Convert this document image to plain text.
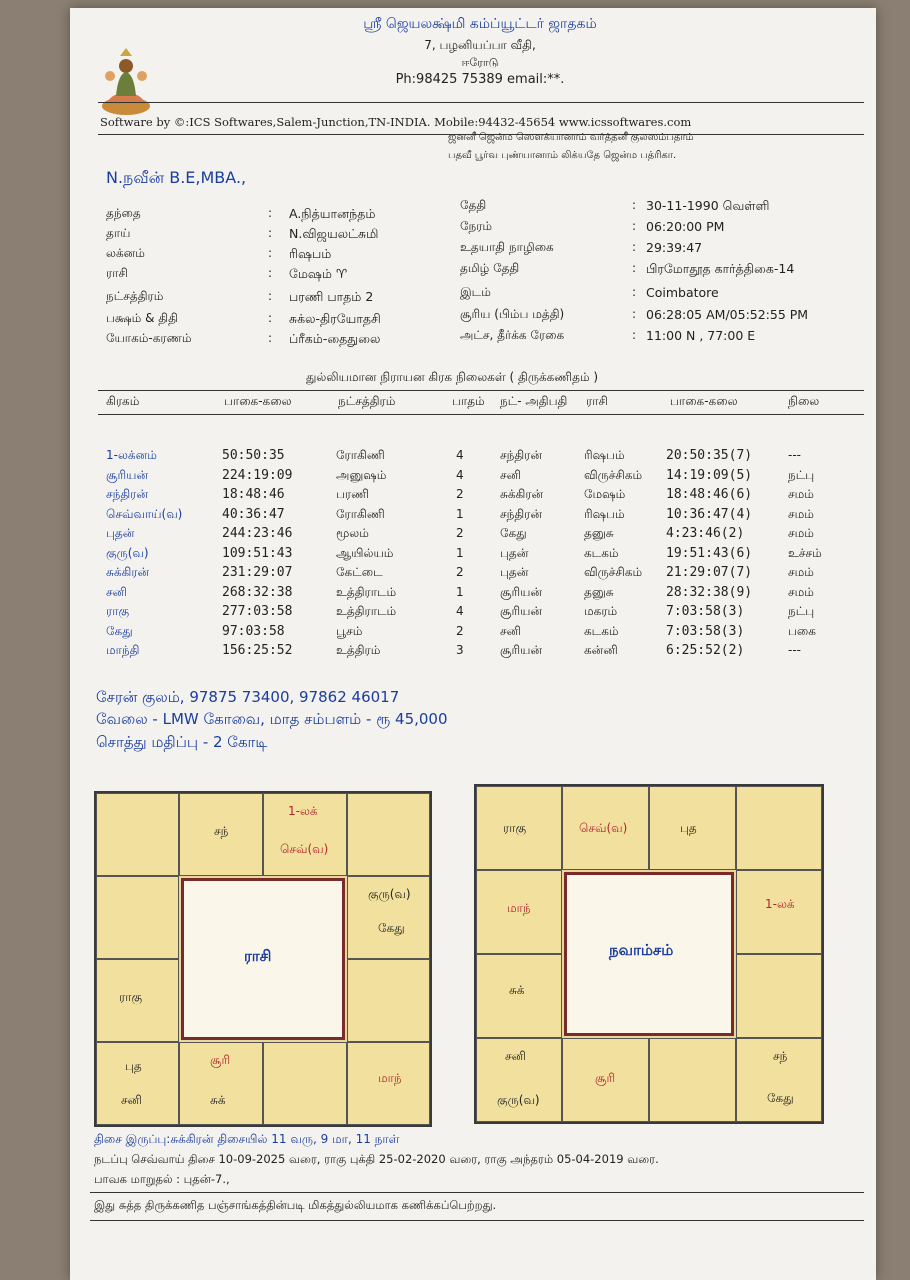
ஸ்ரீ ஜெயலக்ஷ்மி கம்ப்யூட்டர் ஜாதகம்
7, பழனியப்பா வீதி,
ஈரோடு
Ph:98425 75389 email:**.
Software by ©:ICS Softwares,Salem-Junction,TN-INDIA. Mobile:94432-45654 www.icssoftwares.com
ஜனனீ ஜென்ம ஸௌக்யானாம் வர்த்தனீ குலஸம்பதாம்
பதவீ பூர்வ புண்யானாம் லிக்யதே ஜென்ம பத்ரிகா.
N.நவீன் B.E,MBA.,
தந்தை	: A.நித்யானந்தம்
தாய்	: N.விஜயலட்சுமி
லக்னம்	: ரிஷபம்
ராசி	: மேஷம் ♈
நட்சத்திரம்	: பரணி பாதம் 2
பக்ஷம் & திதி	: சுக்ல-திரயோதசி
யோகம்-கரணம்	: ப்ரீகம்-தைதுலை
தேதி	: 30-11-1990 வெள்ளி
நேரம்	: 06:20:00 PM
உதயாதி நாழிகை	: 29:39:47
தமிழ் தேதி	: பிரமோதூத கார்த்திகை-14
இடம்	: Coimbatore
சூரிய (பிம்ப மத்தி)	: 06:28:05 AM/05:52:55 PM
அட்ச, தீர்க்க ரேகை	: 11:00 N , 77:00 E
துல்லியமான நிராயன கிரக நிலைகள் ( திருக்கணிதம் )
கிரகம்	பாகை-கலை	நட்சத்திரம்	பாதம் நட்- அதிபதி ராசி	பாகை-கலை	நிலை
1-லக்னம்	50:50:35	ரோகிணி	4	சந்திரன்	ரிஷபம்	20:50:35(7)	---
சூரியன்	224:19:09	அனுஷம்	4	சனி	விருச்சிகம் 14:19:09(5)	நட்பு
சந்திரன்	18:48:46	பரணி	2	சுக்கிரன்	மேஷம்	18:48:46(6)	சமம்
செவ்வாய்(வ)	40:36:47	ரோகிணி	1	சந்திரன்	ரிஷபம்	10:36:47(4)	சமம்
புதன்	244:23:46	மூலம்	2	கேது	தனுசு	4:23:46(2)	சமம்
குரு(வ)	109:51:43	ஆயில்யம்	1	புதன்	கடகம்	19:51:43(6)	உச்சம்
சுக்கிரன்	231:29:07	கேட்டை	2	புதன்	விருச்சிகம் 21:29:07(7)	சமம்
சனி	268:32:38	உத்திராடம்	1	சூரியன்	தனுசு	28:32:38(9)	சமம்
ராகு	277:03:58	உத்திராடம்	4	சூரியன்	மகரம்	7:03:58(3)	நட்பு
கேது	97:03:58	பூசம்	2	சனி	கடகம்	7:03:58(3)	பகை
மாந்தி	156:25:52	உத்திரம்	3	சூரியன்	கன்னி	6:25:52(2)	---
சேரன் குலம், 97875 73400, 97862 46017
வேலை - LMW கோவை, மாத சம்பளம் - ரூ 45,000
சொத்து மதிப்பு - 2 கோடி
சந்
1-லக்
செவ்(வ)
ராகு
குரு(வ)
கேது
புத
சனி
சூரி
சுக்
மாந்
ராசி
ராகு	செவ்(வ)	புத
மாந்
சுக்
1-லக்
சனி
குரு(வ)
சூரி
சந்
கேது
நவாம்சம்
திசை இருப்பு:சுக்கிரன் திசையில் 11 வரு, 9 மா, 11 நாள்
நடப்பு செவ்வாய் திசை 10-09-2025 வரை, ராகு புக்தி 25-02-2020 வரை, ராகு அந்தரம் 05-04-2019 வரை.
பாவக மாறுதல் : புதன்-7.,
இது சுத்த திருக்கணித பஞ்சாங்கத்தின்படி மிகத்துல்லியமாக கணிக்கப்பெற்றது.
